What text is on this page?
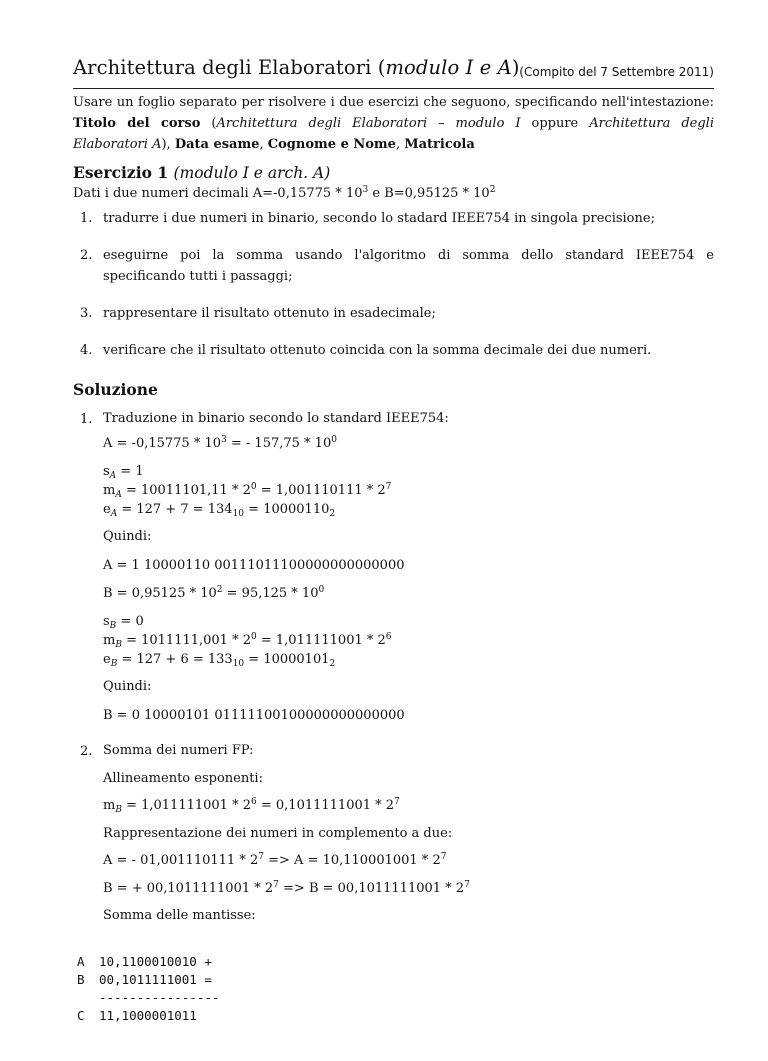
Architettura degli Elaboratori (modulo I e A) (Compito del 7 Settembre 2011)
Usare un foglio separato per risolvere i due esercizi che seguono, specificando nell'intestazione: Titolo del corso (Architettura degli Elaboratori – modulo I oppure Architettura degli Elaboratori A), Data esame, Cognome e Nome, Matricola
Esercizio 1 (modulo I e arch. A)
Dati i due numeri decimali $A=-0,15775 * 10^3$ e $B=0,95125 * 10^2$
1. tradurre i due numeri in binario, secondo lo stadard IEEE754 in singola precisione;
2. eseguirne poi la somma usando l'algoritmo di somma dello standard IEEE754 e specificando tutti i passaggi;
3. rappresentare il risultato ottenuto in esadecimale;
4. verificare che il risultato ottenuto coincida con la somma decimale dei due numeri.
Soluzione
1. Traduzione in binario secondo lo standard IEEE754:
$A = -0,15775 * 10^3$ = - $157,75 * 10^0$
$s_A = 1$
$m_A = 10011101,11 * 2^0 = 1,001110111 * 2^7$
$e_A = 127 + 7 = 134_{10} = 10000110_2$
Quindi:
A = 1 10000110 00111011100000000000000
$B = 0,95125 * 10^2 = 95,125 * 10^0$
$s_B = 0$
$m_B = 1011111,001 * 2^0 = 1,011111001 * 2^6$
$e_B = 127 + 6 = 133_{10} = 10000101_2$
Quindi:
B = 0 10000101 01111100100000000000000
2. Somma dei numeri FP:
Allineamento esponenti:
$m_B = 1,011111001 * 2^6 = 0,1011111001 * 2^7$
Rappresentazione dei numeri in complemento a due:
A = - $01,001110111 * 2^7 => A = 10,110001001 * 2^7$
B = + $00,1011111001 * 2^7 => B = 00,1011111001 * 2^7$
Somma delle mantisse:

A 10,1100010010 +
B 00,1011111001 =
----------------
C 11,1000001011
